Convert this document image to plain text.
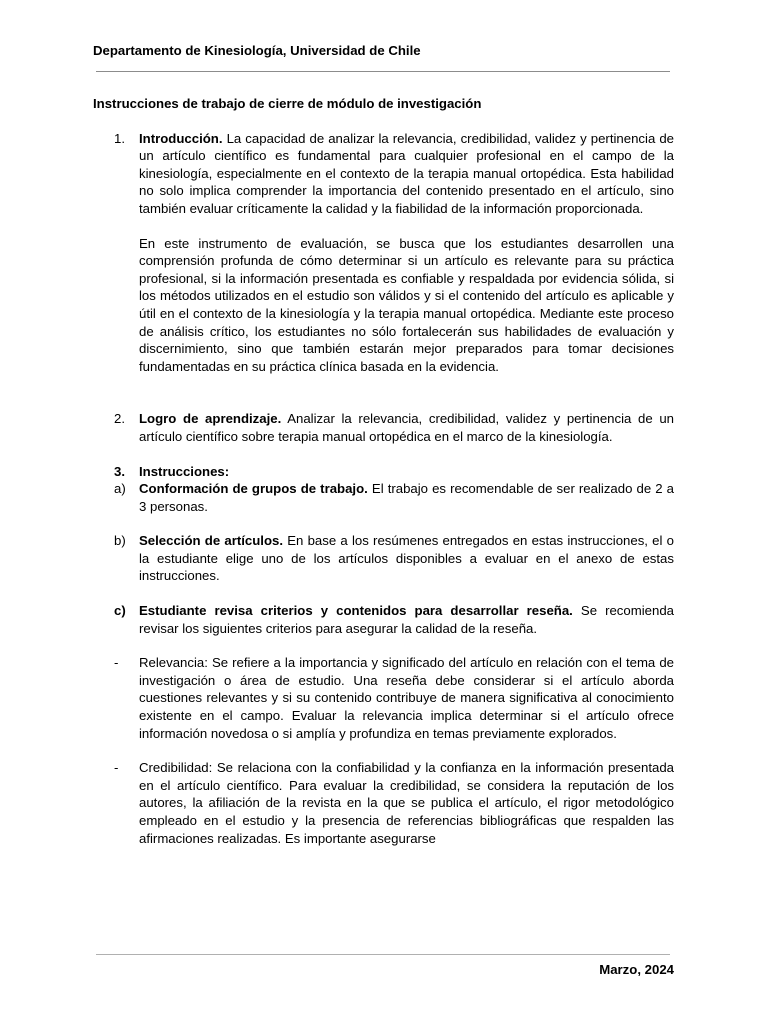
Departamento de Kinesiología, Universidad de Chile
Instrucciones de trabajo de cierre de módulo de investigación
1. Introducción. La capacidad de analizar la relevancia, credibilidad, validez y pertinencia de un artículo científico es fundamental para cualquier profesional en el campo de la kinesiología, especialmente en el contexto de la terapia manual ortopédica. Esta habilidad no solo implica comprender la importancia del contenido presentado en el artículo, sino también evaluar críticamente la calidad y la fiabilidad de la información proporcionada.

En este instrumento de evaluación, se busca que los estudiantes desarrollen una comprensión profunda de cómo determinar si un artículo es relevante para su práctica profesional, si la información presentada es confiable y respaldada por evidencia sólida, si los métodos utilizados en el estudio son válidos y si el contenido del artículo es aplicable y útil en el contexto de la kinesiología y la terapia manual ortopédica. Mediante este proceso de análisis crítico, los estudiantes no sólo fortalecerán sus habilidades de evaluación y discernimiento, sino que también estarán mejor preparados para tomar decisiones fundamentadas en su práctica clínica basada en la evidencia.

2. Logro de aprendizaje. Analizar la relevancia, credibilidad, validez y pertinencia de un artículo científico sobre terapia manual ortopédica en el marco de la kinesiología.

3. Instrucciones:

a) Conformación de grupos de trabajo. El trabajo es recomendable de ser realizado de 2 a 3 personas.

b) Selección de artículos. En base a los resúmenes entregados en estas instrucciones, el o la estudiante elige uno de los artículos disponibles a evaluar en el anexo de estas instrucciones.

c) Estudiante revisa criterios y contenidos para desarrollar reseña. Se recomienda revisar los siguientes criterios para asegurar la calidad de la reseña.

- Relevancia: Se refiere a la importancia y significado del artículo en relación con el tema de investigación o área de estudio. Una reseña debe considerar si el artículo aborda cuestiones relevantes y si su contenido contribuye de manera significativa al conocimiento existente en el campo. Evaluar la relevancia implica determinar si el artículo ofrece información novedosa o si amplía y profundiza en temas previamente explorados.

- Credibilidad: Se relaciona con la confiabilidad y la confianza en la información presentada en el artículo científico. Para evaluar la credibilidad, se considera la reputación de los autores, la afiliación de la revista en la que se publica el artículo, el rigor metodológico empleado en el estudio y la presencia de referencias bibliográficas que respalden las afirmaciones realizadas. Es importante asegurarse

Marzo, 2024
